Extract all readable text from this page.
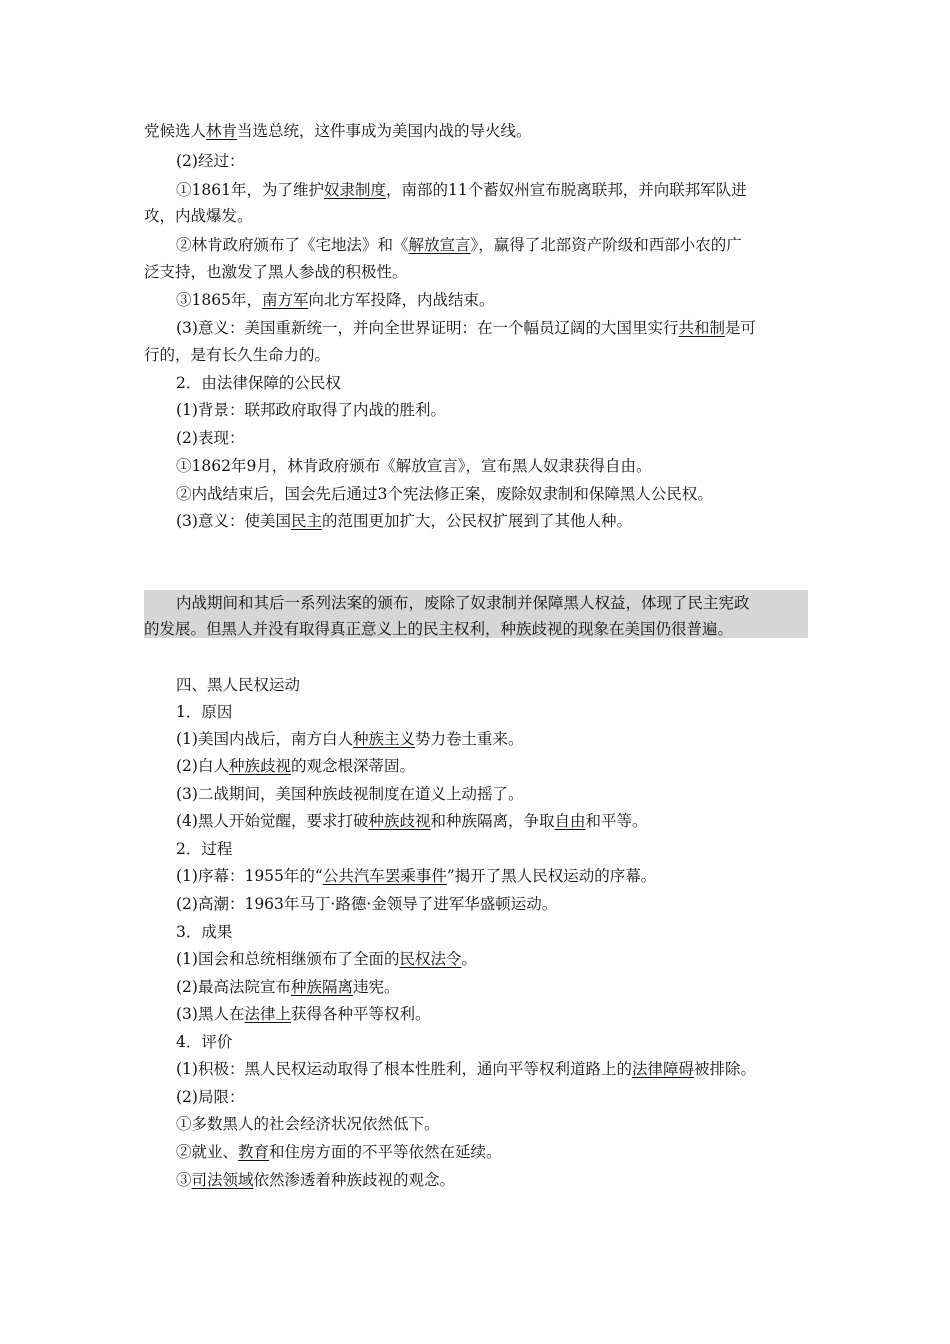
党候选人林肯当选总统，这件事成为美国内战的导火线。
(2)经过：
①1861年，为了维护奴隶制度，南部的11个蓄奴州宣布脱离联邦，并向联邦军队进
攻，内战爆发。
②林肯政府颁布了《宅地法》和《解放宣言》，赢得了北部资产阶级和西部小农的广
泛支持，也激发了黑人参战的积极性。
③1865年，南方军向北方军投降，内战结束。
(3)意义：美国重新统一，并向全世界证明：在一个幅员辽阔的大国里实行共和制是可
行的，是有长久生命力的。
2．由法律保障的公民权
(1)背景：联邦政府取得了内战的胜利。
(2)表现：
①1862年9月，林肯政府颁布《解放宣言》，宣布黑人奴隶获得自由。
②内战结束后，国会先后通过3个宪法修正案，废除奴隶制和保障黑人公民权。
(3)意义：使美国民主的范围更加扩大，公民权扩展到了其他人种。
内战期间和其后一系列法案的颁布，废除了奴隶制并保障黑人权益，体现了民主宪政
的发展。但黑人并没有取得真正意义上的民主权利，种族歧视的现象在美国仍很普遍。
四、黑人民权运动
1．原因
(1)美国内战后，南方白人种族主义势力卷土重来。
(2)白人种族歧视的观念根深蒂固。
(3)二战期间，美国种族歧视制度在道义上动摇了。
(4)黑人开始觉醒，要求打破种族歧视和种族隔离，争取自由和平等。
2．过程
(1)序幕：1955年的“公共汽车罢乘事件”揭开了黑人民权运动的序幕。
(2)高潮：1963年马丁·路德·金领导了进军华盛顿运动。
3．成果
(1)国会和总统相继颁布了全面的民权法令。
(2)最高法院宣布种族隔离违宪。
(3)黑人在法律上获得各种平等权利。
4．评价
(1)积极：黑人民权运动取得了根本性胜利，通向平等权利道路上的法律障碍被排除。
(2)局限：
①多数黑人的社会经济状况依然低下。
②就业、教育和住房方面的不平等依然在延续。
③司法领域依然渗透着种族歧视的观念。
